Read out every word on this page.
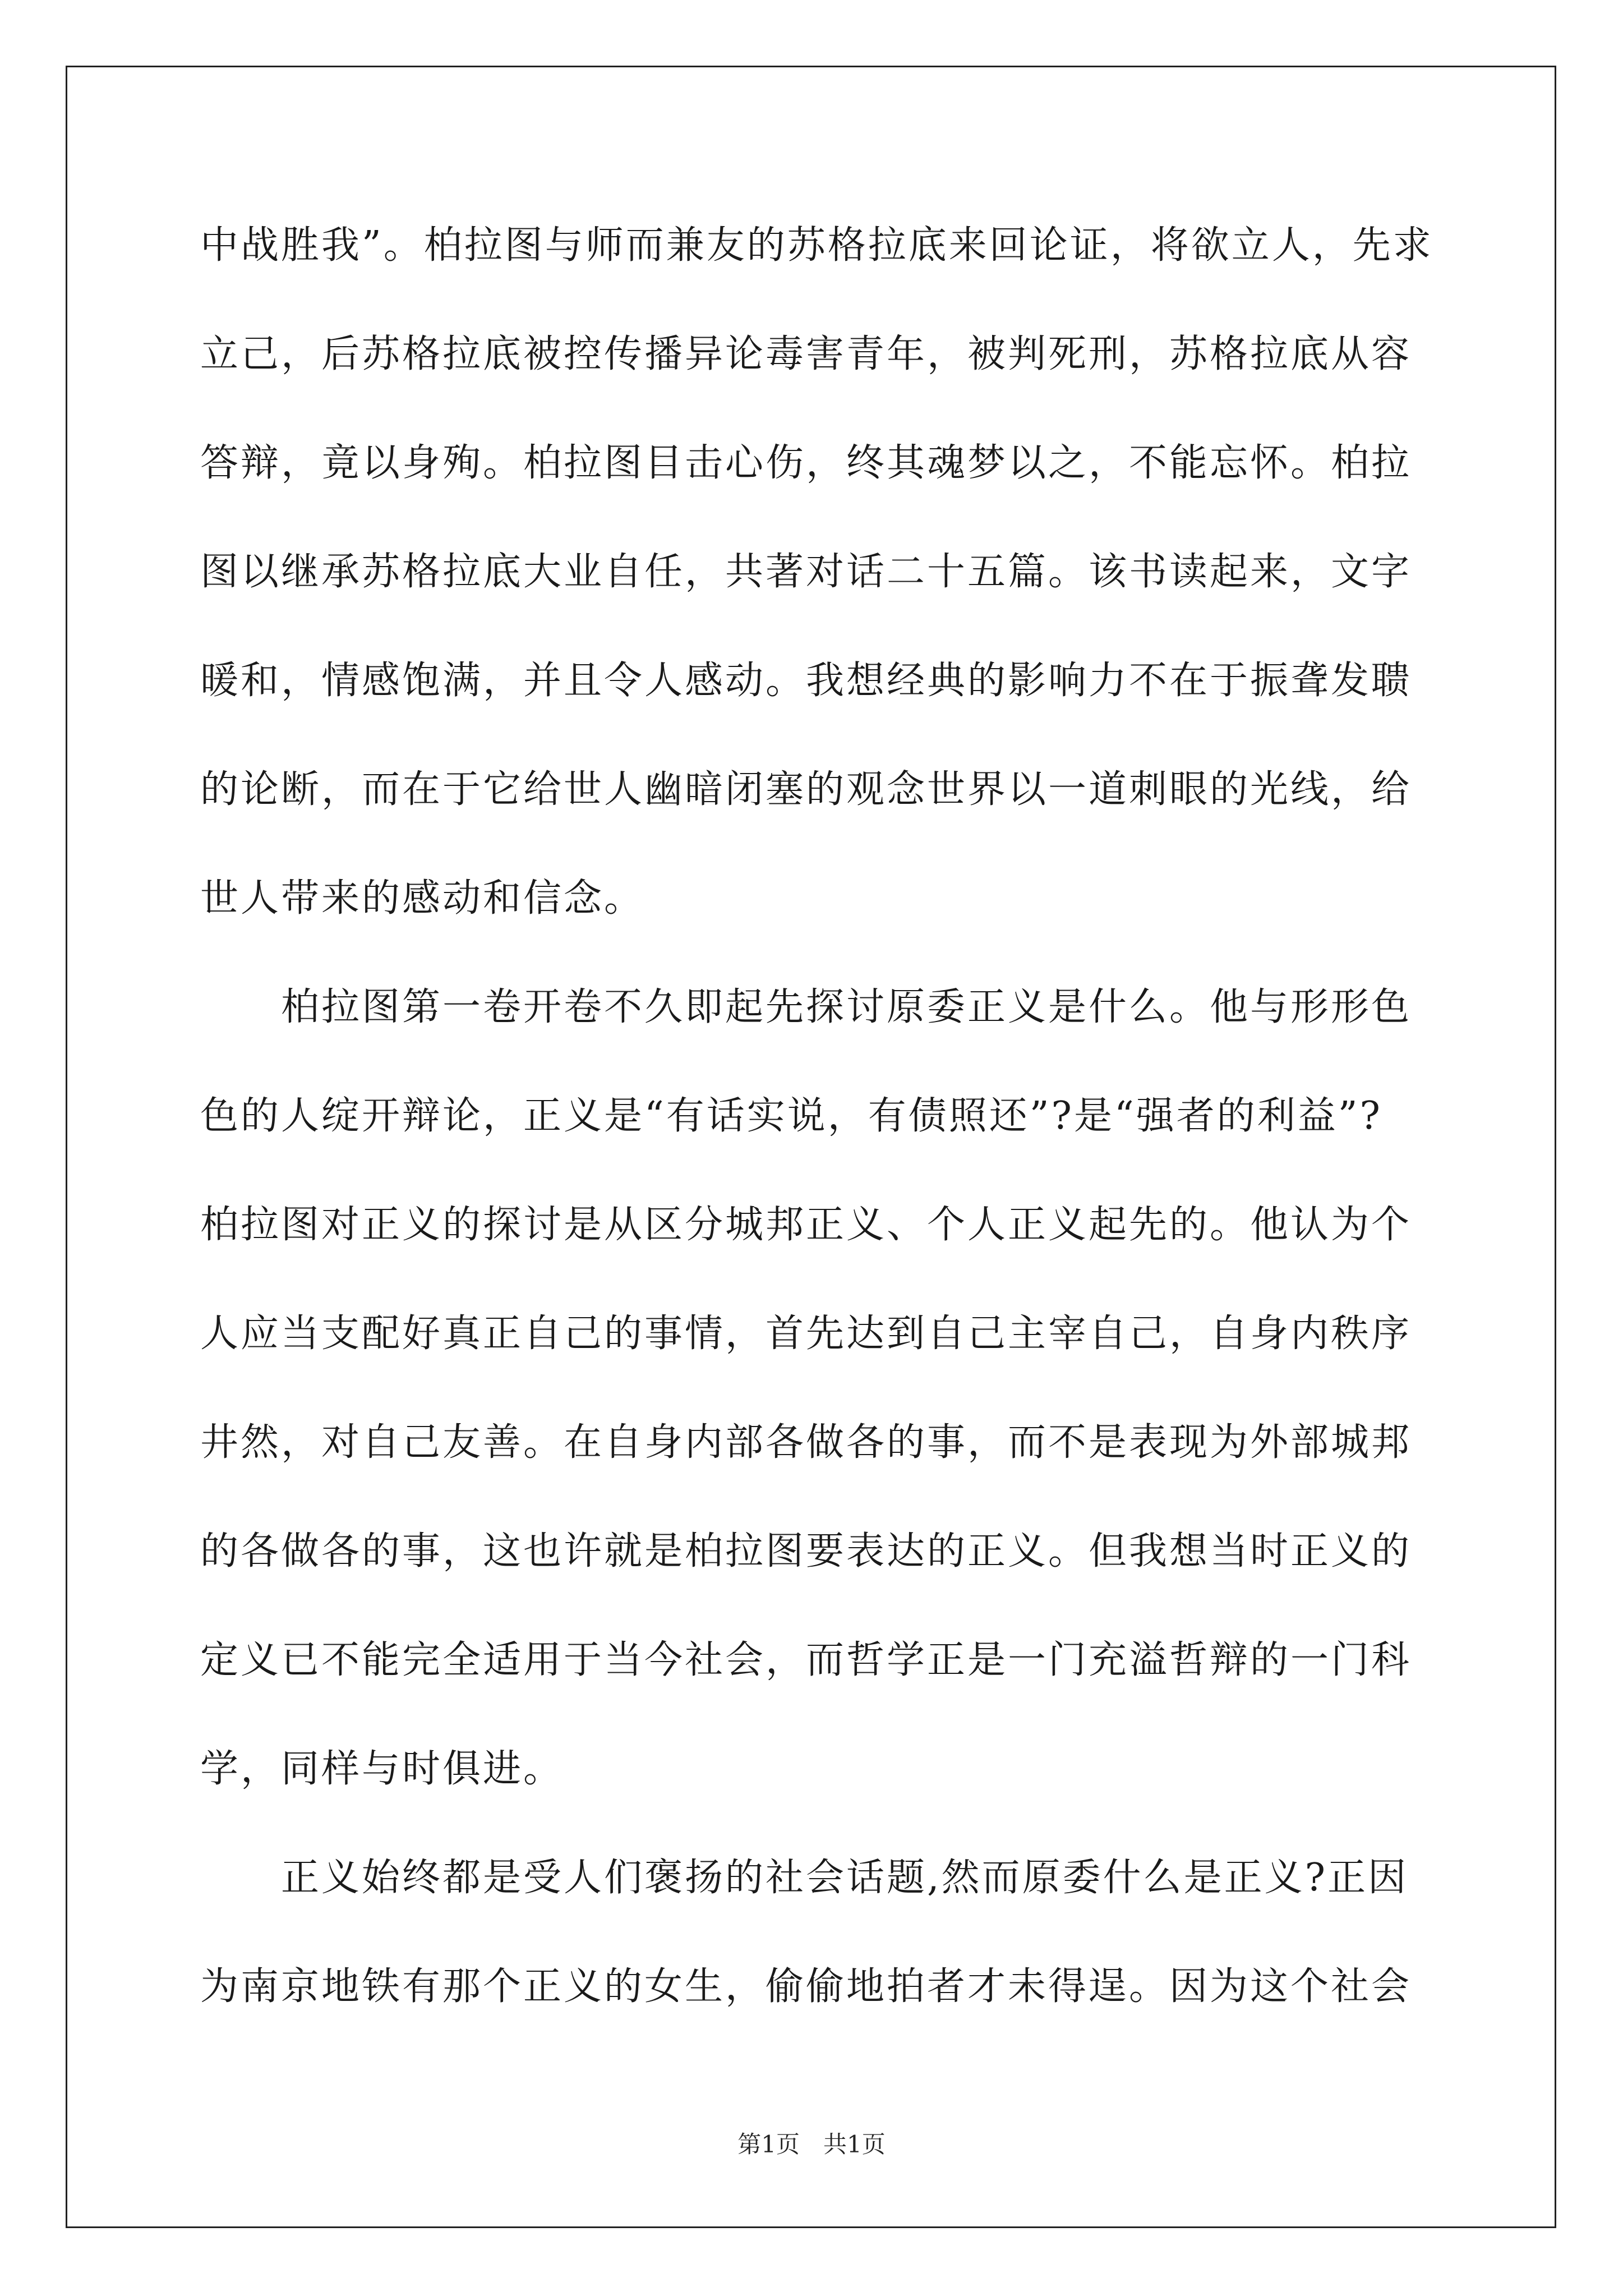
中战胜我”。柏拉图与师而兼友的苏格拉底来回论证，将欲立人，先求
立己，后苏格拉底被控传播异论毒害青年，被判死刑，苏格拉底从容
答辩，竟以身殉。柏拉图目击心伤，终其魂梦以之，不能忘怀。柏拉
图以继承苏格拉底大业自任，共著对话二十五篇。该书读起来，文字
暖和，情感饱满，并且令人感动。我想经典的影响力不在于振聋发聩
的论断，而在于它给世人幽暗闭塞的观念世界以一道刺眼的光线，给
世人带来的感动和信念。
　　柏拉图第一卷开卷不久即起先探讨原委正义是什么。他与形形色
色的人绽开辩论，正义是“有话实说，有债照还”?是“强者的利益”?
柏拉图对正义的探讨是从区分城邦正义、个人正义起先的。他认为个
人应当支配好真正自己的事情，首先达到自己主宰自己，自身内秩序
井然，对自己友善。在自身内部各做各的事，而不是表现为外部城邦
的各做各的事，这也许就是柏拉图要表达的正义。但我想当时正义的
定义已不能完全适用于当今社会，而哲学正是一门充溢哲辩的一门科
学，同样与时俱进。
　　正义始终都是受人们褒扬的社会话题,然而原委什么是正义?正因
为南京地铁有那个正义的女生，偷偷地拍者才未得逞。因为这个社会
第1页　共1页
